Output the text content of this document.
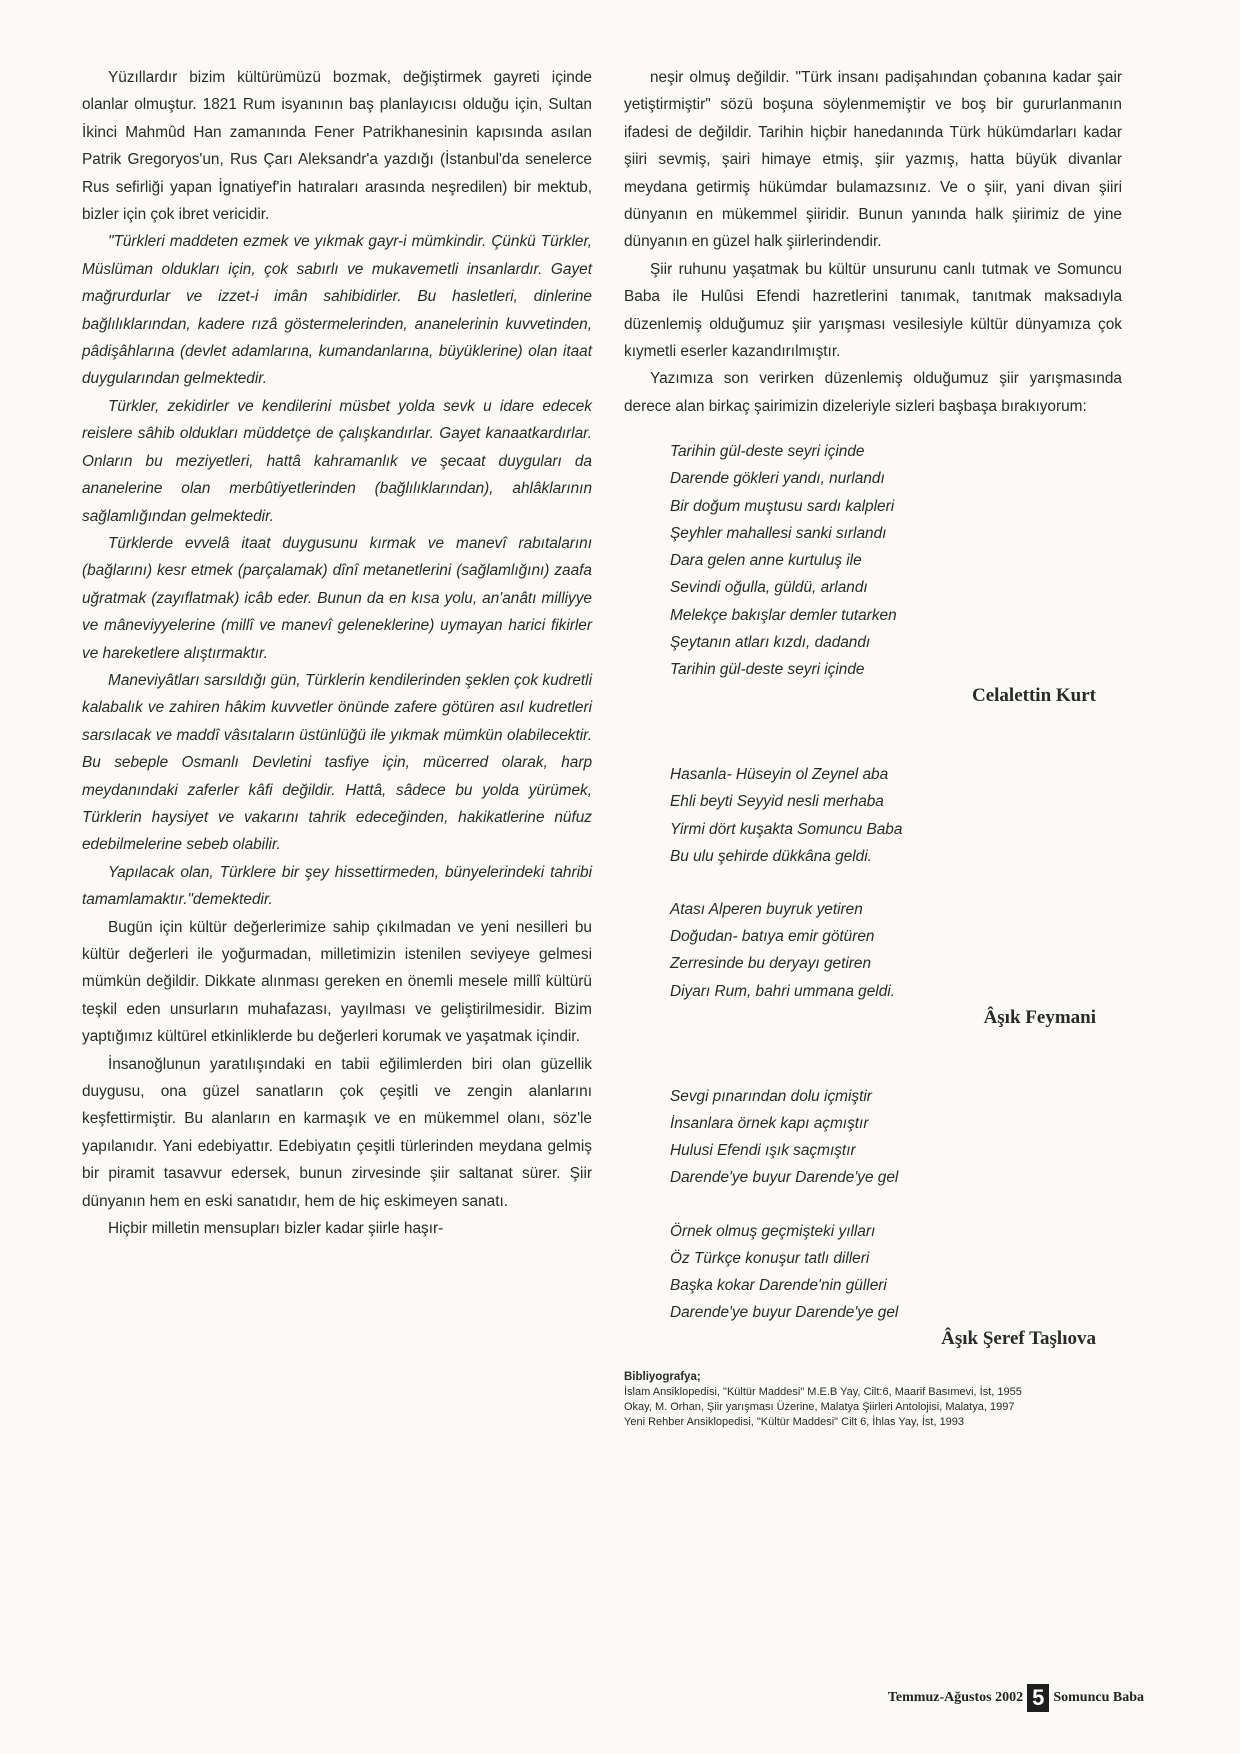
Yüzıllardır bizim kültürümüzü bozmak, değiştirmek gayreti içinde olanlar olmuştur. 1821 Rum isyanının baş planlayıcısı olduğu için, Sultan İkinci Mahmûd Han zamanında Fener Patrikhanesinin kapısında asılan Patrik Gregoryos'un, Rus Çarı Aleksandr'a yazdığı (İstanbul'da senelerce Rus sefirliği yapan İgnatiyef'in hatıraları arasında neşredilen) bir mektub, bizler için çok ibret vericidir.

"Türkleri maddeten ezmek ve yıkmak gayr-i mümkindir. Çünkü Türkler, Müslüman oldukları için, çok sabırlı ve mukavemetli insanlardır. Gayet mağrurdurlar ve izzet-i imân sahibidirler. Bu hasletleri, dinlerine bağlılıklarından, kadere rızâ göstermelerinden, ananelerinin kuvvetinden, pâdişâhlarına (devlet adamlarına, kumandanlarına, büyüklerine) olan itaat duygularından gelmektedir.

Türkler, zekidirler ve kendilerini müsbet yolda sevk u idare edecek reislere sâhib oldukları müddetçe de çalışkandırlar. Gayet kanaatkardırlar. Onların bu meziyetleri, hattâ kahramanlık ve şecaat duyguları da ananelerine olan merbûtiyetlerinden (bağlılıklarından), ahlâklarının sağlamlığından gelmektedir.

Türklerde evvelâ itaat duygusunu kırmak ve manevî rabıtalarını (bağlarını) kesr etmek (parçalamak) dînî metanetlerini (sağlamlığını) zaafa uğratmak (zayıflatmak) icâb eder. Bunun da en kısa yolu, an'anâtı milliyye ve mâneviyyelerine (millî ve manevî geleneklerine) uymayan harici fikirler ve hareketlere alıştırmaktır.

Maneviyâtları sarsıldığı gün, Türklerin kendilerinden şeklen çok kudretli kalabalık ve zahiren hâkim kuvvetler önünde zafere götüren asıl kudretleri sarsılacak ve maddî vâsıtaların üstünlüğü ile yıkmak mümkün olabilecektir. Bu sebeple Osmanlı Devletini tasfiye için, mücerred olarak, harp meydanındaki zaferler kâfi değildir. Hattâ, sâdece bu yolda yürümek, Türklerin haysiyet ve vakarını tahrik edeceğinden, hakikatlerine nüfuz edebilmelerine sebeb olabilir.

Yapılacak olan, Türklere bir şey hissettirmeden, bünyelerindeki tahribi tamamlamaktır."demektedir.

Bugün için kültür değerlerimize sahip çıkılmadan ve yeni nesilleri bu kültür değerleri ile yoğurmadan, milletimizin istenilen seviyeye gelmesi mümkün değildir. Dikkate alınması gereken en önemli mesele millî kültürü teşkil eden unsurların muhafazası, yayılması ve geliştirilmesidir. Bizim yaptığımız kültürel etkinliklerde bu değerleri korumak ve yaşatmak içindir.

İnsanoğlunun yaratılışındaki en tabii eğilimlerden biri olan güzellik duygusu, ona güzel sanatların çok çeşitli ve zengin alanlarını keşfettirmiştir. Bu alanların en karmaşık ve en mükemmel olanı, söz'le yapılanıdır. Yani edebiyattır. Edebiyatın çeşitli türlerinden meydana gelmiş bir piramit tasavvur edersek, bunun zirvesinde şiir saltanat sürer. Şiir dünyanın hem en eski sanatıdır, hem de hiç eskimeyen sanatı.

Hiçbir milletin mensupları bizler kadar şiirle haşır-

neşir olmuş değildir. "Türk insanı padişahından çobanına kadar şair yetiştirmiştir" sözü boşuna söylenmemiştir ve boş bir gururlanmanın ifadesi de değildir. Tarihin hiçbir hanedanında Türk hükümdarları kadar şiiri sevmiş, şairi himaye etmiş, şiir yazmış, hatta büyük divanlar meydana getirmiş hükümdar bulamazsınız. Ve o şiir, yani divan şiiri dünyanın en mükemmel şiiridir. Bunun yanında halk şiirimiz de yine dünyanın en güzel halk şiirlerindendir.

Şiir ruhunu yaşatmak bu kültür unsurunu canlı tutmak ve Somuncu Baba ile Hulûsi Efendi hazretlerini tanımak, tanıtmak maksadıyla düzenlemiş olduğumuz şiir yarışması vesilesiyle kültür dünyamıza çok kıymetli eserler kazandırılmıştır.

Yazımıza son verirken düzenlemiş olduğumuz şiir yarışmasında derece alan birkaç şairimizin dizeleriyle sizleri başbaşa bırakıyorum:

Tarihin gül-deste seyri içinde
Darende gökleri yandı, nurlandı
Bir doğum muştusu sardı kalpleri
Şeyhler mahallesi sanki sırlandı
Dara gelen anne kurtuluş ile
Sevindi oğulla, güldü, arlandı
Melekçe bakışlar demler tutarken
Şeytanın atları kızdı, dadandı
Tarihin gül-deste seyri içinde
Celalettin Kurt
Hasanla- Hüseyin ol Zeynel aba
Ehli beyti Seyyid nesli merhaba
Yirmi dört kuşakta Somuncu Baba
Bu ulu şehirde dükkâna geldi.
Atası Alperen buyruk yetiren
Doğudan- batıya emir götüren
Zerresinde bu deryayı getiren
Diyarı Rum, bahri ummana geldi.
Âşık Feymani
Sevgi pınarından dolu içmiştir
İnsanlara örnek kapı açmıştır
Hulusi Efendi ışık saçmıştır
Darende'ye buyur Darende'ye gel
Örnek olmuş geçmişteki yılları
Öz Türkçe konuşur tatlı dilleri
Başka kokar Darende'nin gülleri
Darende'ye buyur Darende'ye gel
Âşık Şeref Taşlıova
Bibliyografya;
İslam Ansiklopedisi, "Kültür Maddesi" M.E.B Yay, Cilt:6, Maarif Basımevi, İst, 1955
Okay, M. Orhan, Şiir yarışması Üzerine, Malatya Şiirleri Antolojisi, Malatya, 1997
Yeni Rehber Ansiklopedisi, "Kültür Maddesi" Cilt 6, İhlas Yay, İst, 1993
Temmuz-Ağustos 2002 5 Somuncu Baba
